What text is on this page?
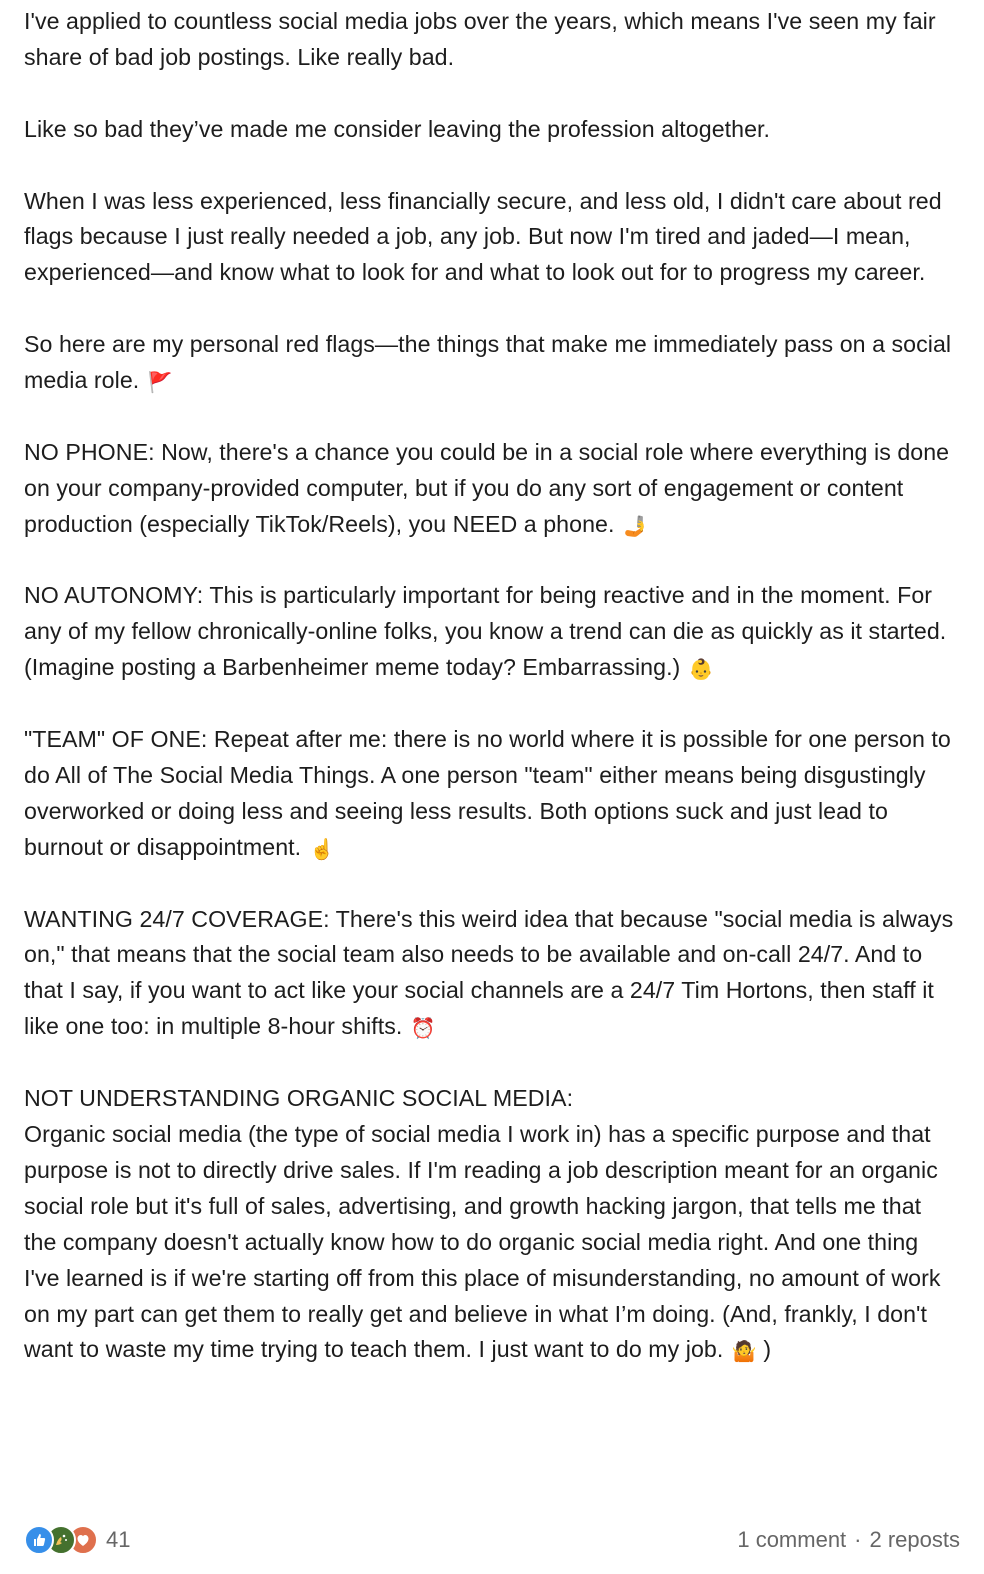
I've applied to countless social media jobs over the years, which means I've seen my fair share of bad job postings. Like really bad.

Like so bad they’ve made me consider leaving the profession altogether.

When I was less experienced, less financially secure, and less old, I didn't care about red flags because I just really needed a job, any job. But now I'm tired and jaded—I mean, experienced—and know what to look for and what to look out for to progress my career.

So here are my personal red flags—the things that make me immediately pass on a social media role. 🚩

NO PHONE: Now, there's a chance you could be in a social role where everything is done on your company-provided computer, but if you do any sort of engagement or content production (especially TikTok/Reels), you NEED a phone. 🤳

NO AUTONOMY: This is particularly important for being reactive and in the moment. For any of my fellow chronically-online folks, you know a trend can die as quickly as it started. (Imagine posting a Barbenheimer meme today? Embarrassing.) 👶

"TEAM" OF ONE: Repeat after me: there is no world where it is possible for one person to do All of The Social Media Things. A one person "team" either means being disgustingly overworked or doing less and seeing less results. Both options suck and just lead to burnout or disappointment. ☝️

WANTING 24/7 COVERAGE: There's this weird idea that because "social media is always on," that means that the social team also needs to be available and on-call 24/7. And to that I say, if you want to act like your social channels are a 24/7 Tim Hortons, then staff it like one too: in multiple 8-hour shifts. ⏰

NOT UNDERSTANDING ORGANIC SOCIAL MEDIA:
Organic social media (the type of social media I work in) has a specific purpose and that purpose is not to directly drive sales. If I'm reading a job description meant for an organic social role but it's full of sales, advertising, and growth hacking jargon, that tells me that the company doesn't actually know how to do organic social media right. And one thing I've learned is if we're starting off from this place of misunderstanding, no amount of work on my part can get them to really get and believe in what I’m doing. (And, frankly, I don't want to waste my time trying to teach them. I just want to do my job. 🤷 )

41	1 comment · 2 reposts
